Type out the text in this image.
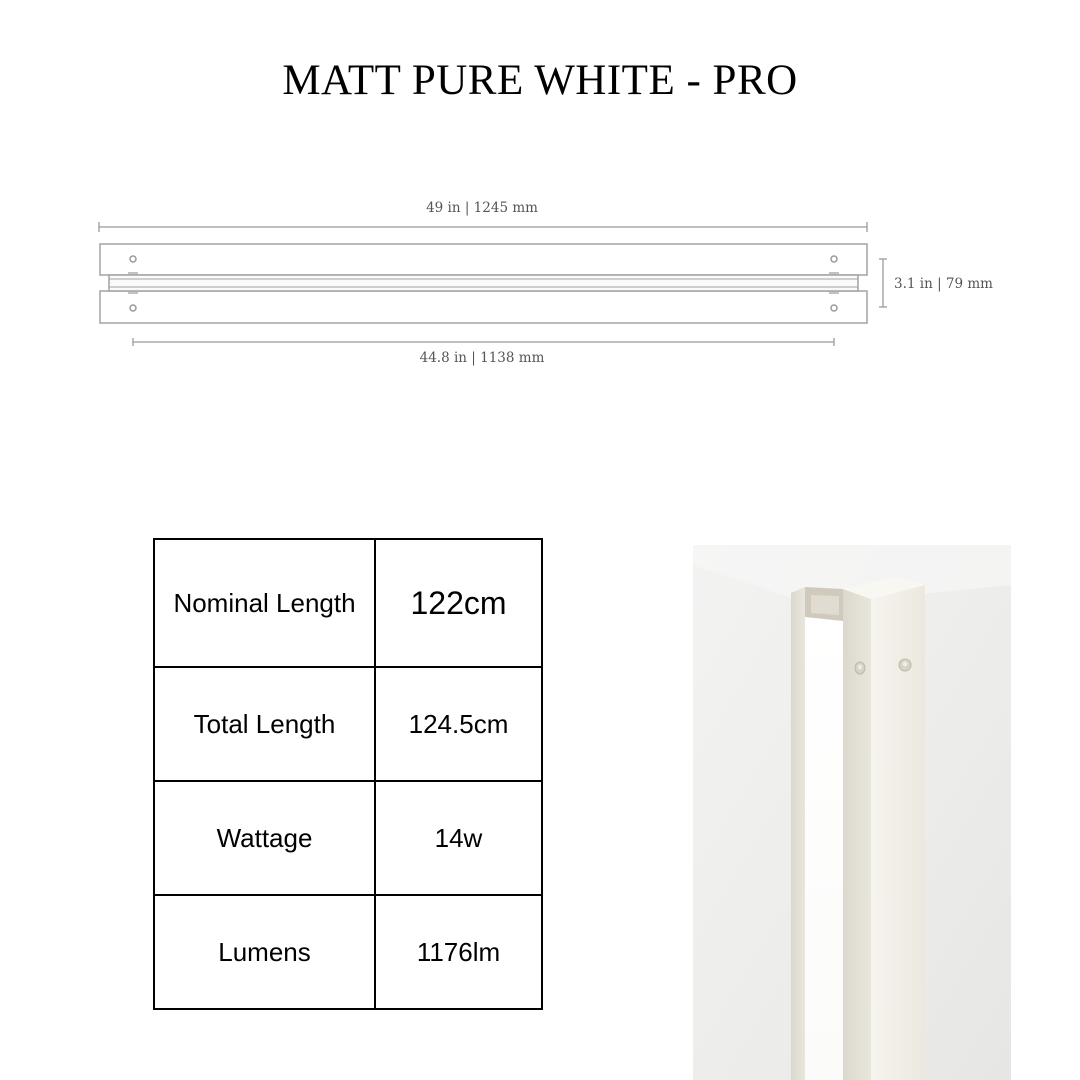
MATT PURE WHITE - PRO
49 in | 1245 mm
3.1 in | 79 mm
44.8 in | 1138 mm
Nominal Length	122cm
Total Length	124.5cm
Wattage	14w
Lumens	1176lm
